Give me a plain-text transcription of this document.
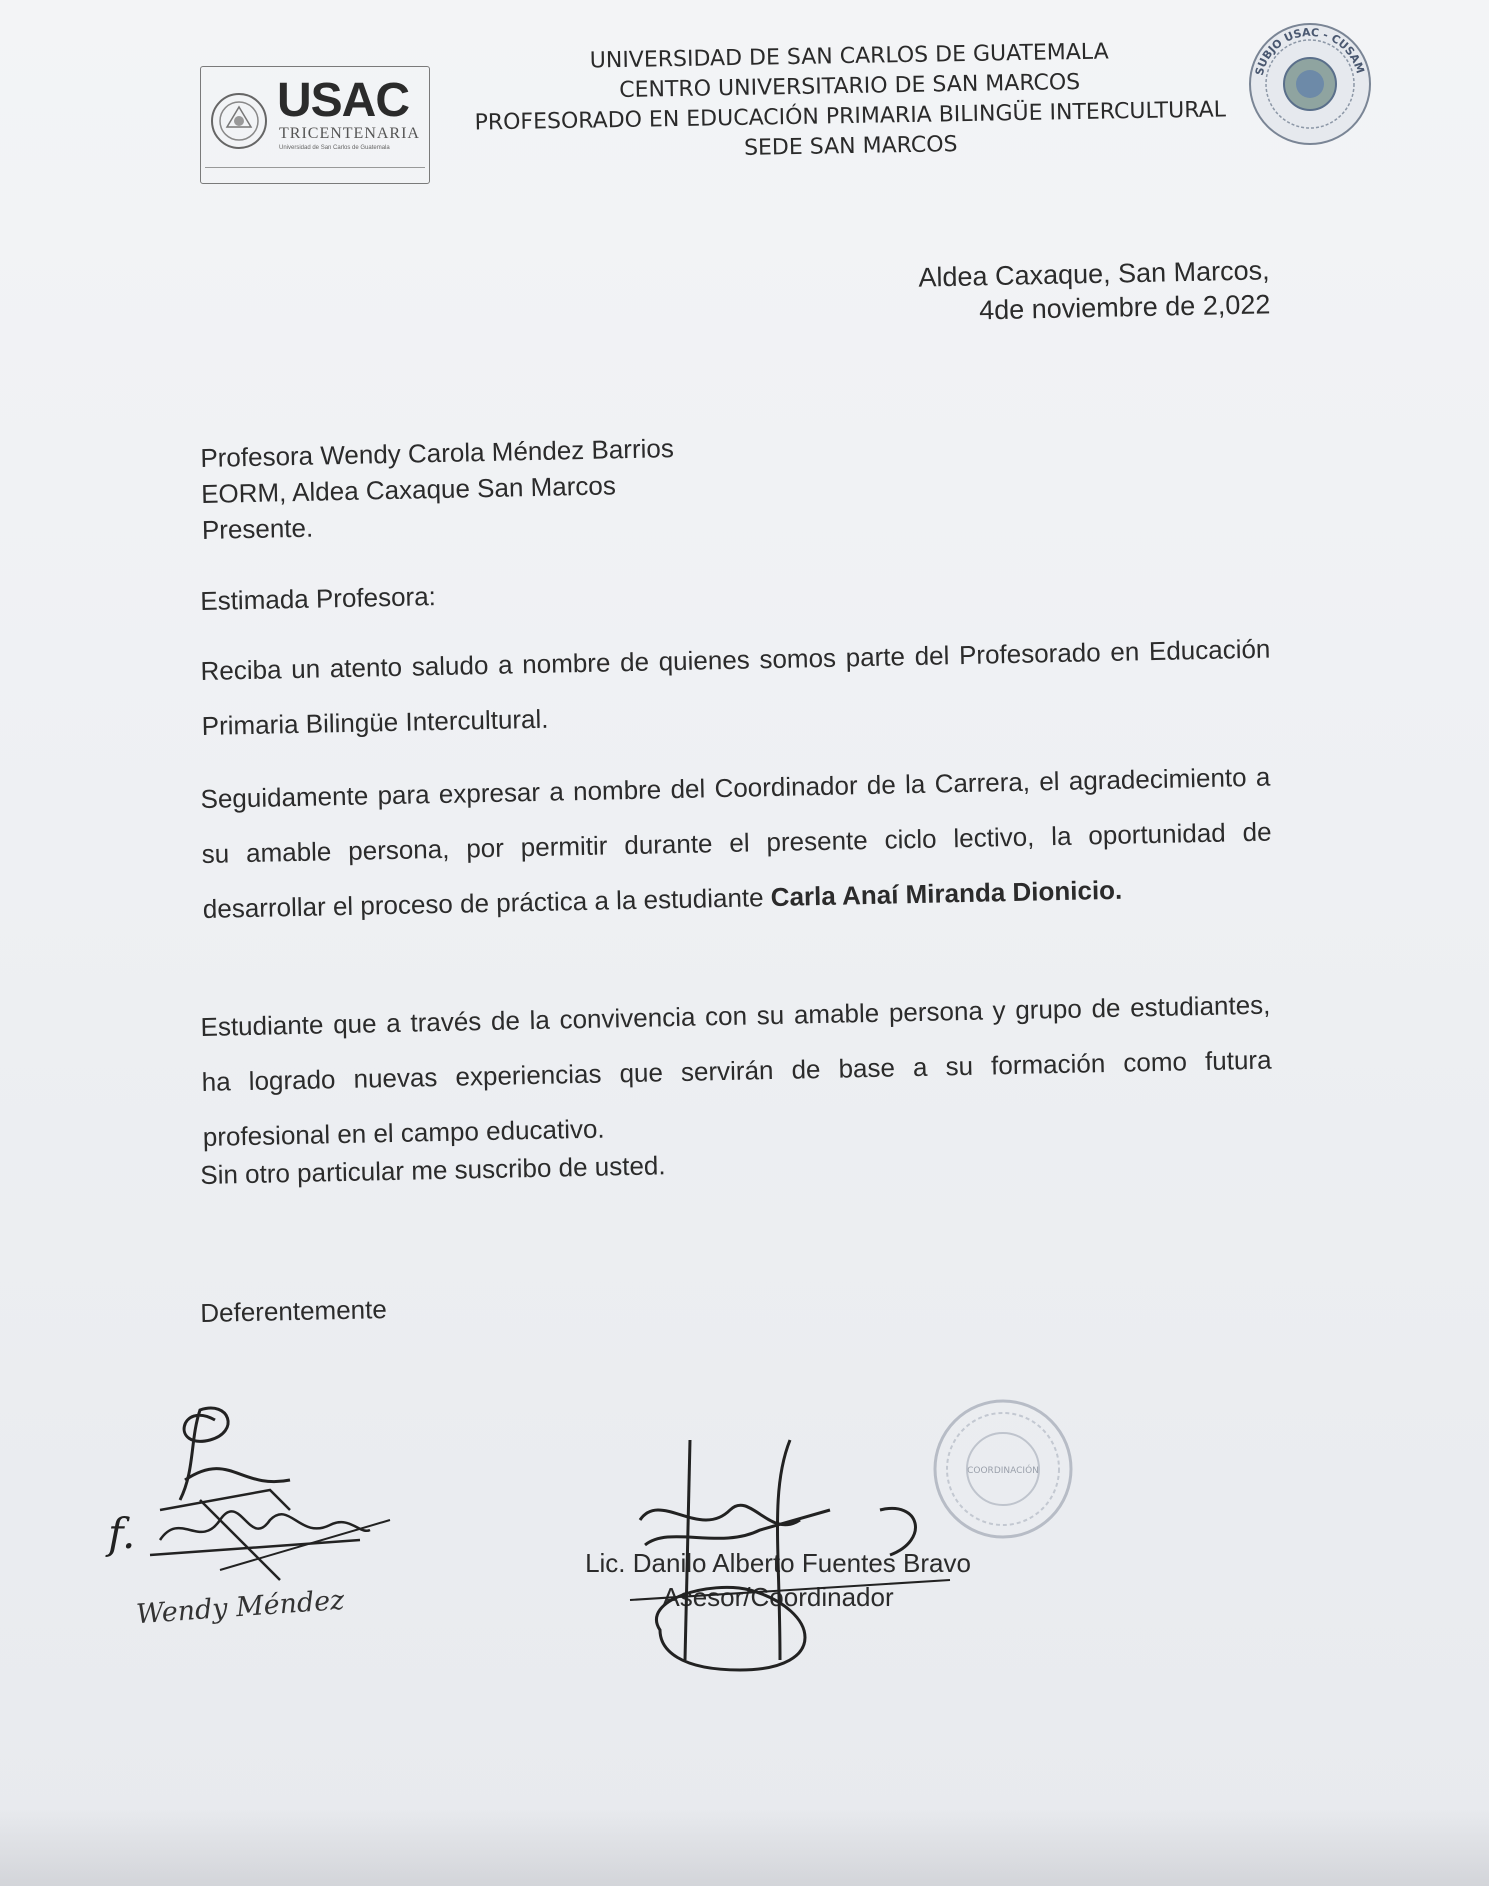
USAC
TRICENTENARIA
Universidad de San Carlos de Guatemala
UNIVERSIDAD DE SAN CARLOS DE GUATEMALA
CENTRO UNIVERSITARIO DE SAN MARCOS
PROFESORADO EN EDUCACIÓN PRIMARIA BILINGÜE INTERCULTURAL
SEDE SAN MARCOS
SUBJO USAC - CUSAM
Aldea Caxaque, San Marcos,
4de noviembre de 2,022
Profesora Wendy Carola Méndez Barrios
EORM, Aldea Caxaque San Marcos
Presente.
Estimada Profesora:
Reciba un atento saludo a nombre de quienes somos parte del Profesorado en Educación Primaria Bilingüe Intercultural.
Seguidamente para expresar a nombre del Coordinador de la Carrera, el agradecimiento a su amable persona, por permitir durante el presente ciclo lectivo, la oportunidad de desarrollar el proceso de práctica a la estudiante Carla Anaí Miranda Dionicio.
Estudiante que a través de la convivencia con su amable persona y grupo de estudiantes, ha logrado nuevas experiencias que servirán de base a su formación como futura profesional en el campo educativo.
Sin otro particular me suscribo de usted.
Deferentemente
f.
Wendy Méndez
COORDINACIÓN
Lic. Danilo Alberto Fuentes Bravo
Asesor/Coordinador
